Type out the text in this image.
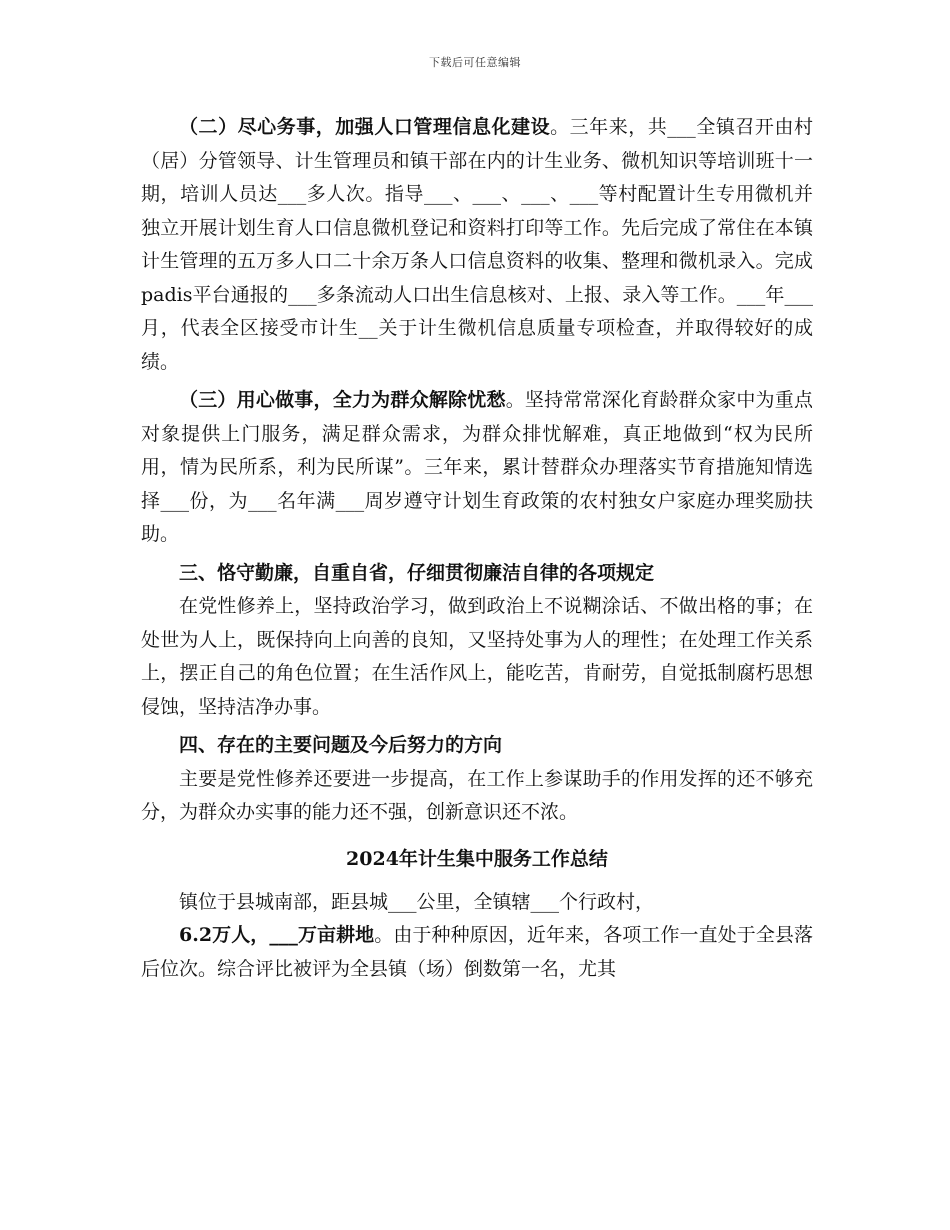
下载后可任意编辑

（二）尽心务事，加强人口管理信息化建设。三年来，共___全镇召开由村（居）分管领导、计生管理员和镇干部在内的计生业务、微机知识等培训班十一期，培训人员达___多人次。指导___、___、___、___等村配置计生专用微机并独立开展计划生育人口信息微机登记和资料打印等工作。先后完成了常住在本镇计生管理的五万多人口二十余万条人口信息资料的收集、整理和微机录入。完成padis平台通报的___多条流动人口出生信息核对、上报、录入等工作。___年___月，代表全区接受市计生__关于计生微机信息质量专项检查，并取得较好的成绩。

（三）用心做事，全力为群众解除忧愁。坚持常常深化育龄群众家中为重点对象提供上门服务，满足群众需求，为群众排忧解难，真正地做到“权为民所用，情为民所系，利为民所谋”。三年来，累计替群众办理落实节育措施知情选择___份，为___名年满___周岁遵守计划生育政策的农村独女户家庭办理奖励扶助。

三、恪守勤廉，自重自省，仔细贯彻廉洁自律的各项规定

在党性修养上，坚持政治学习，做到政治上不说糊涂话、不做出格的事；在处世为人上，既保持向上向善的良知，又坚持处事为人的理性；在处理工作关系上，摆正自己的角色位置；在生活作风上，能吃苦，肯耐劳，自觉抵制腐朽思想侵蚀，坚持洁净办事。

四、存在的主要问题及今后努力的方向

主要是党性修养还要进一步提高，在工作上参谋助手的作用发挥的还不够充分，为群众办实事的能力还不强，创新意识还不浓。

2024年计生集中服务工作总结

镇位于县城南部，距县城___公里，全镇辖___个行政村，

6.2万人，___万亩耕地。由于种种原因，近年来，各项工作一直处于全县落后位次。综合评比被评为全县镇（场）倒数第一名，尤其
